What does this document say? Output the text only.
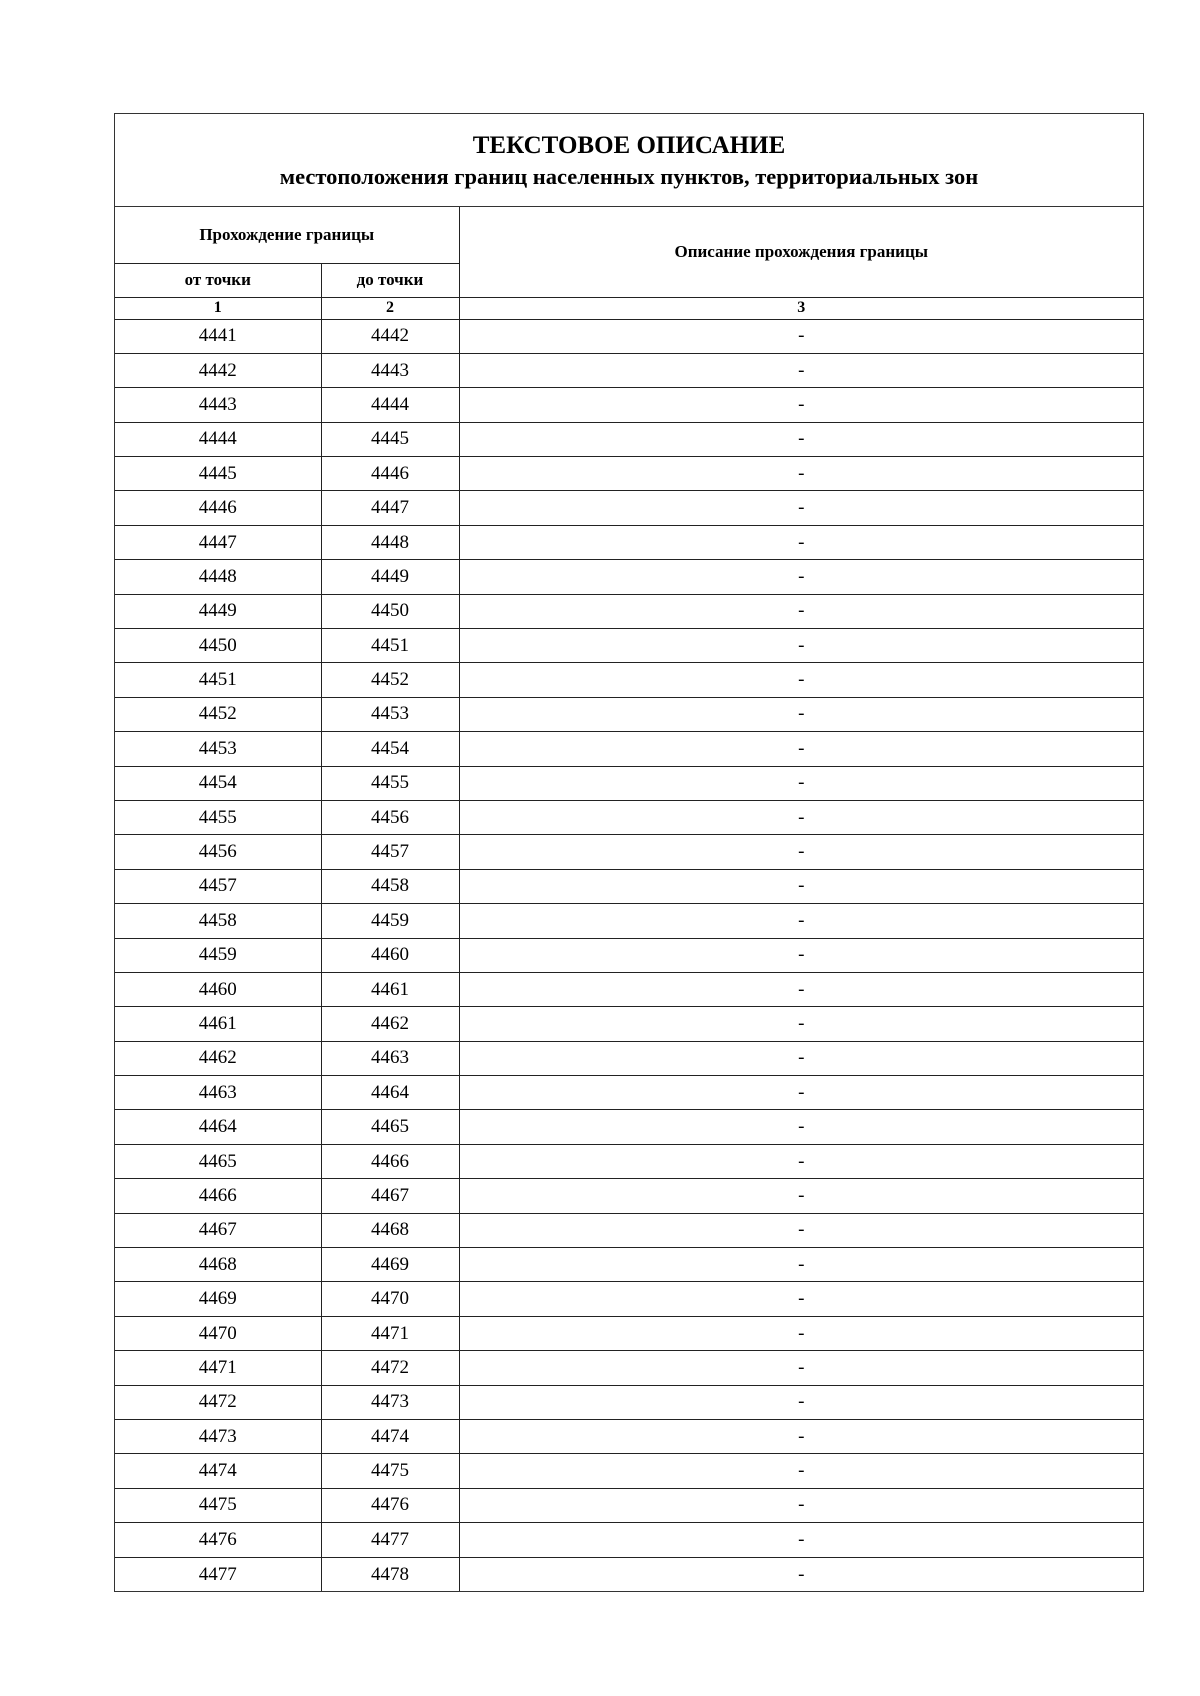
ТЕКСТОВОЕ ОПИСАНИЕ
местоположения границ населенных пунктов, территориальных зон
Прохождение границы		Описание прохождения границы
от точки	до точки	
1	2	3
4441	4442	-
4442	4443	-
4443	4444	-
4444	4445	-
4445	4446	-
4446	4447	-
4447	4448	-
4448	4449	-
4449	4450	-
4450	4451	-
4451	4452	-
4452	4453	-
4453	4454	-
4454	4455	-
4455	4456	-
4456	4457	-
4457	4458	-
4458	4459	-
4459	4460	-
4460	4461	-
4461	4462	-
4462	4463	-
4463	4464	-
4464	4465	-
4465	4466	-
4466	4467	-
4467	4468	-
4468	4469	-
4469	4470	-
4470	4471	-
4471	4472	-
4472	4473	-
4473	4474	-
4474	4475	-
4475	4476	-
4476	4477	-
4477	4478	-
